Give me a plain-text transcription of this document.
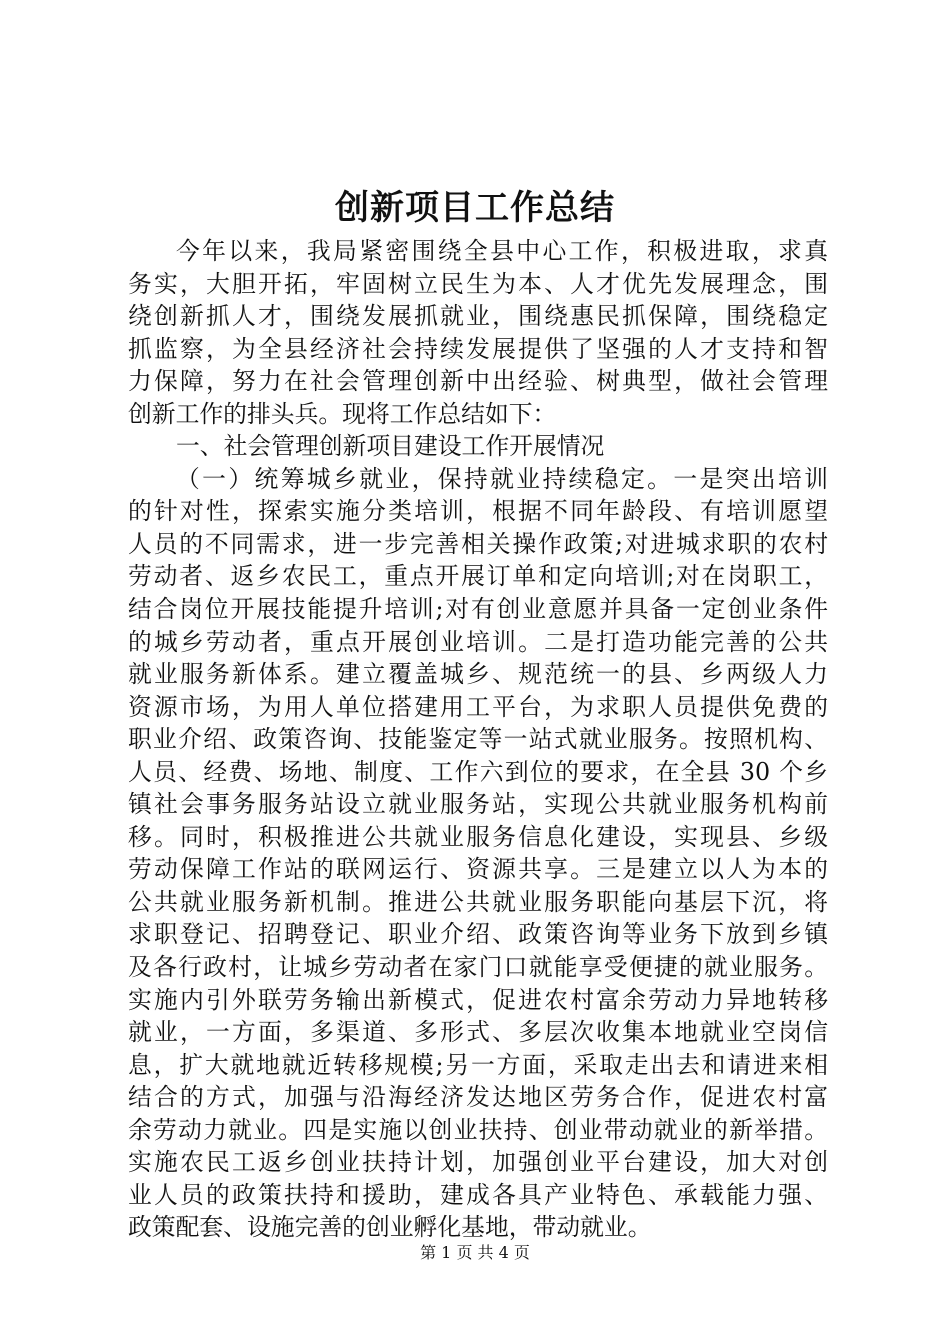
创新项目工作总结
今年以来，我局紧密围绕全县中心工作，积极进取，求真
务实，大胆开拓，牢固树立民生为本、人才优先发展理念，围
绕创新抓人才，围绕发展抓就业，围绕惠民抓保障，围绕稳定
抓监察，为全县经济社会持续发展提供了坚强的人才支持和智
力保障，努力在社会管理创新中出经验、树典型，做社会管理
创新工作的排头兵。现将工作总结如下：
一、社会管理创新项目建设工作开展情况
（一）统筹城乡就业，保持就业持续稳定。一是突出培训
的针对性，探索实施分类培训，根据不同年龄段、有培训愿望
人员的不同需求，进一步完善相关操作政策;对进城求职的农村
劳动者、返乡农民工，重点开展订单和定向培训;对在岗职工，
结合岗位开展技能提升培训;对有创业意愿并具备一定创业条件
的城乡劳动者，重点开展创业培训。二是打造功能完善的公共
就业服务新体系。建立覆盖城乡、规范统一的县、乡两级人力
资源市场，为用人单位搭建用工平台，为求职人员提供免费的
职业介绍、政策咨询、技能鉴定等一站式就业服务。按照机构、
人员、经费、场地、制度、工作六到位的要求，在全县 30 个乡
镇社会事务服务站设立就业服务站，实现公共就业服务机构前
移。同时，积极推进公共就业服务信息化建设，实现县、乡级
劳动保障工作站的联网运行、资源共享。三是建立以人为本的
公共就业服务新机制。推进公共就业服务职能向基层下沉，将
求职登记、招聘登记、职业介绍、政策咨询等业务下放到乡镇
及各行政村，让城乡劳动者在家门口就能享受便捷的就业服务。
实施内引外联劳务输出新模式，促进农村富余劳动力异地转移
就业，一方面，多渠道、多形式、多层次收集本地就业空岗信
息，扩大就地就近转移规模;另一方面，采取走出去和请进来相
结合的方式，加强与沿海经济发达地区劳务合作，促进农村富
余劳动力就业。四是实施以创业扶持、创业带动就业的新举措。
实施农民工返乡创业扶持计划，加强创业平台建设，加大对创
业人员的政策扶持和援助，建成各具产业特色、承载能力强、
政策配套、设施完善的创业孵化基地，带动就业。
第 1 页 共 4 页
